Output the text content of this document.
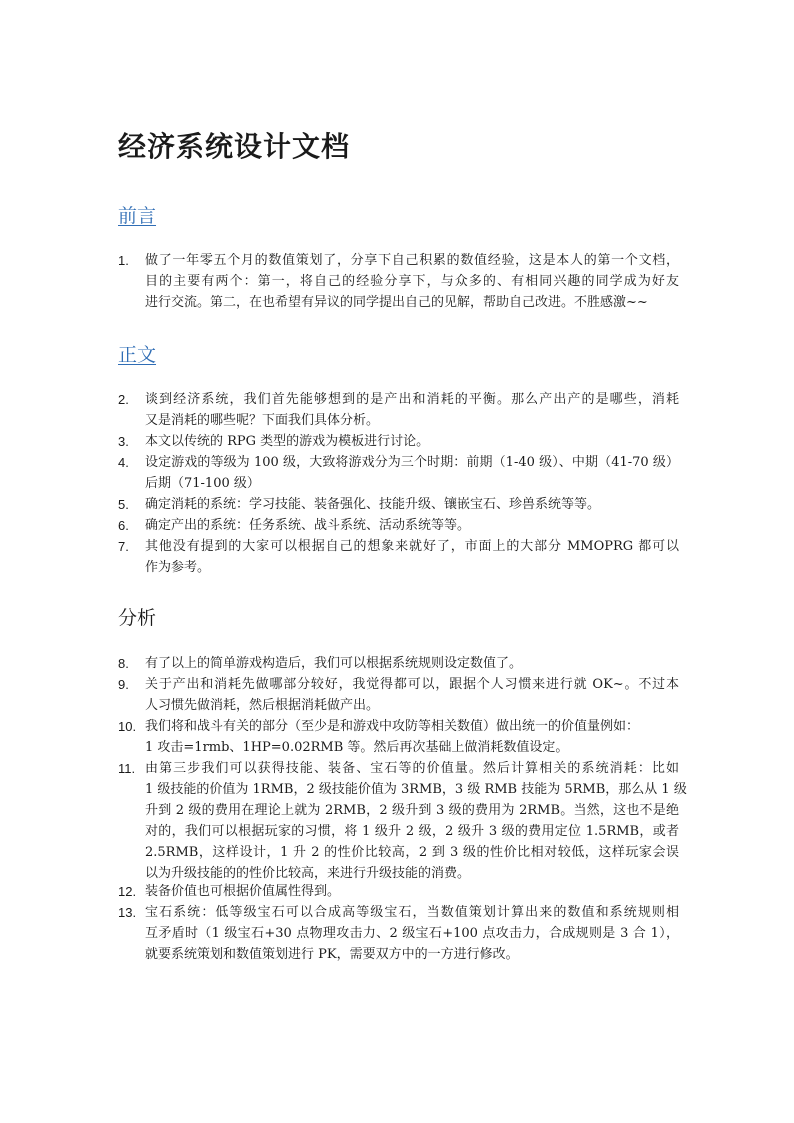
经济系统设计文档
前言
正文
分析
1. 做了一年零五个月的数值策划了，分享下自己积累的数值经验，这是本人的第一个文档，
目的主要有两个：第一，将自己的经验分享下，与众多的、有相同兴趣的同学成为好友
进行交流。第二，在也希望有异议的同学提出自己的见解，帮助自己改进。不胜感激~~
2. 谈到经济系统，我们首先能够想到的是产出和消耗的平衡。那么产出产的是哪些，消耗
又是消耗的哪些呢？下面我们具体分析。
3. 本文以传统的 RPG 类型的游戏为模板进行讨论。
4. 设定游戏的等级为 100 级，大致将游戏分为三个时期：前期（1-40 级）、中期（41-70 级）
后期（71-100 级）
5. 确定消耗的系统：学习技能、装备强化、技能升级、镶嵌宝石、珍兽系统等等。
6. 确定产出的系统：任务系统、战斗系统、活动系统等等。
7. 其他没有提到的大家可以根据自己的想象来就好了，市面上的大部分 MMOPRG 都可以
作为参考。
8. 有了以上的简单游戏构造后，我们可以根据系统规则设定数值了。
9. 关于产出和消耗先做哪部分较好，我觉得都可以，跟据个人习惯来进行就 OK~。不过本
人习惯先做消耗，然后根据消耗做产出。
10. 我们将和战斗有关的部分（至少是和游戏中攻防等相关数值）做出统一的价值量例如：
1 攻击=1rmb、1HP=0.02RMB 等。然后再次基础上做消耗数值设定。
11. 由第三步我们可以获得技能、装备、宝石等的价值量。然后计算相关的系统消耗：比如
1 级技能的价值为 1RMB，2 级技能价值为 3RMB，3 级 RMB 技能为 5RMB，那么从 1 级
升到 2 级的费用在理论上就为 2RMB，2 级升到 3 级的费用为 2RMB。当然，这也不是绝
对的，我们可以根据玩家的习惯，将 1 级升 2 级，2 级升 3 级的费用定位 1.5RMB，或者
2.5RMB，这样设计，1 升 2 的性价比较高，2 到 3 级的性价比相对较低，这样玩家会误
以为升级技能的的性价比较高，来进行升级技能的消费。
12. 装备价值也可根据价值属性得到。
13. 宝石系统：低等级宝石可以合成高等级宝石，当数值策划计算出来的数值和系统规则相
互矛盾时（1 级宝石+30 点物理攻击力、2 级宝石+100 点攻击力，合成规则是 3 合 1），
就要系统策划和数值策划进行 PK，需要双方中的一方进行修改。
